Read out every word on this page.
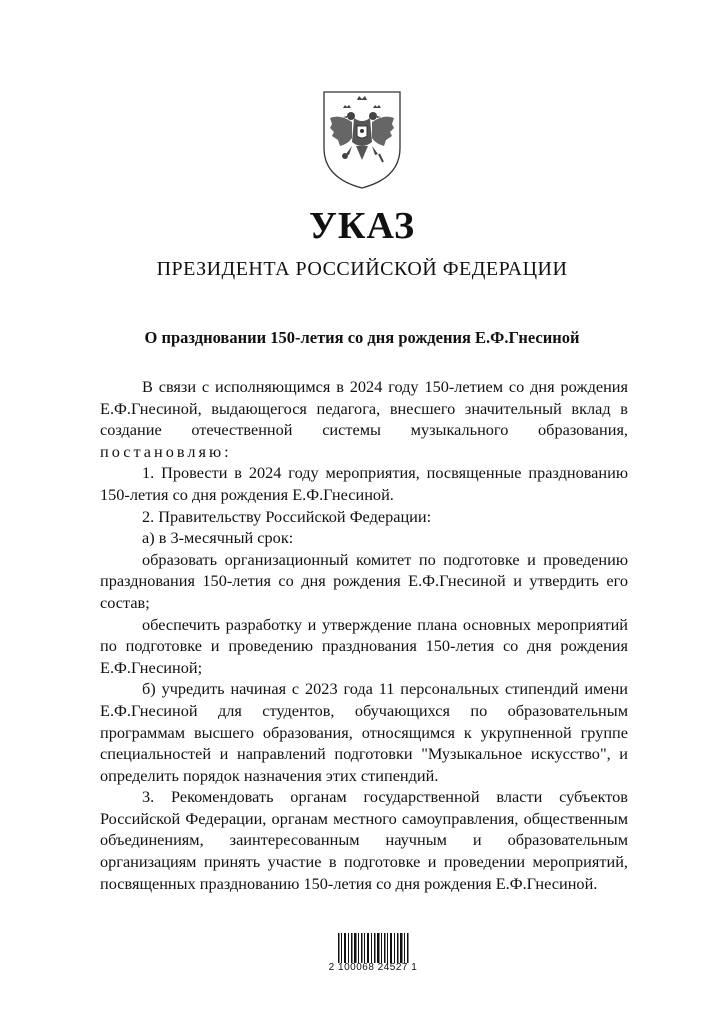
УКАЗ
ПРЕЗИДЕНТА РОССИЙСКОЙ ФЕДЕРАЦИИ
О праздновании 150-летия со дня рождения Е.Ф.Гнесиной

В связи с исполняющимся в 2024 году 150-летием со дня рождения Е.Ф.Гнесиной, выдающегося педагога, внесшего значительный вклад в создание отечественной системы музыкального образования, постановляю:

1. Провести в 2024 году мероприятия, посвященные празднованию 150-летия со дня рождения Е.Ф.Гнесиной.

2. Правительству Российской Федерации:

а) в 3-месячный срок:

образовать организационный комитет по подготовке и проведению празднования 150-летия со дня рождения Е.Ф.Гнесиной и утвердить его состав;

обеспечить разработку и утверждение плана основных мероприятий по подготовке и проведению празднования 150-летия со дня рождения Е.Ф.Гнесиной;

б) учредить начиная с 2023 года 11 персональных стипендий имени Е.Ф.Гнесиной для студентов, обучающихся по образовательным программам высшего образования, относящимся к укрупненной группе специальностей и направлений подготовки "Музыкальное искусство", и определить порядок назначения этих стипендий.

3. Рекомендовать органам государственной власти субъектов Российской Федерации, органам местного самоуправления, общественным объединениям, заинтересованным научным и образовательным организациям принять участие в подготовке и проведении мероприятий, посвященных празднованию 150-летия со дня рождения Е.Ф.Гнесиной.

2 100068 24527 1
